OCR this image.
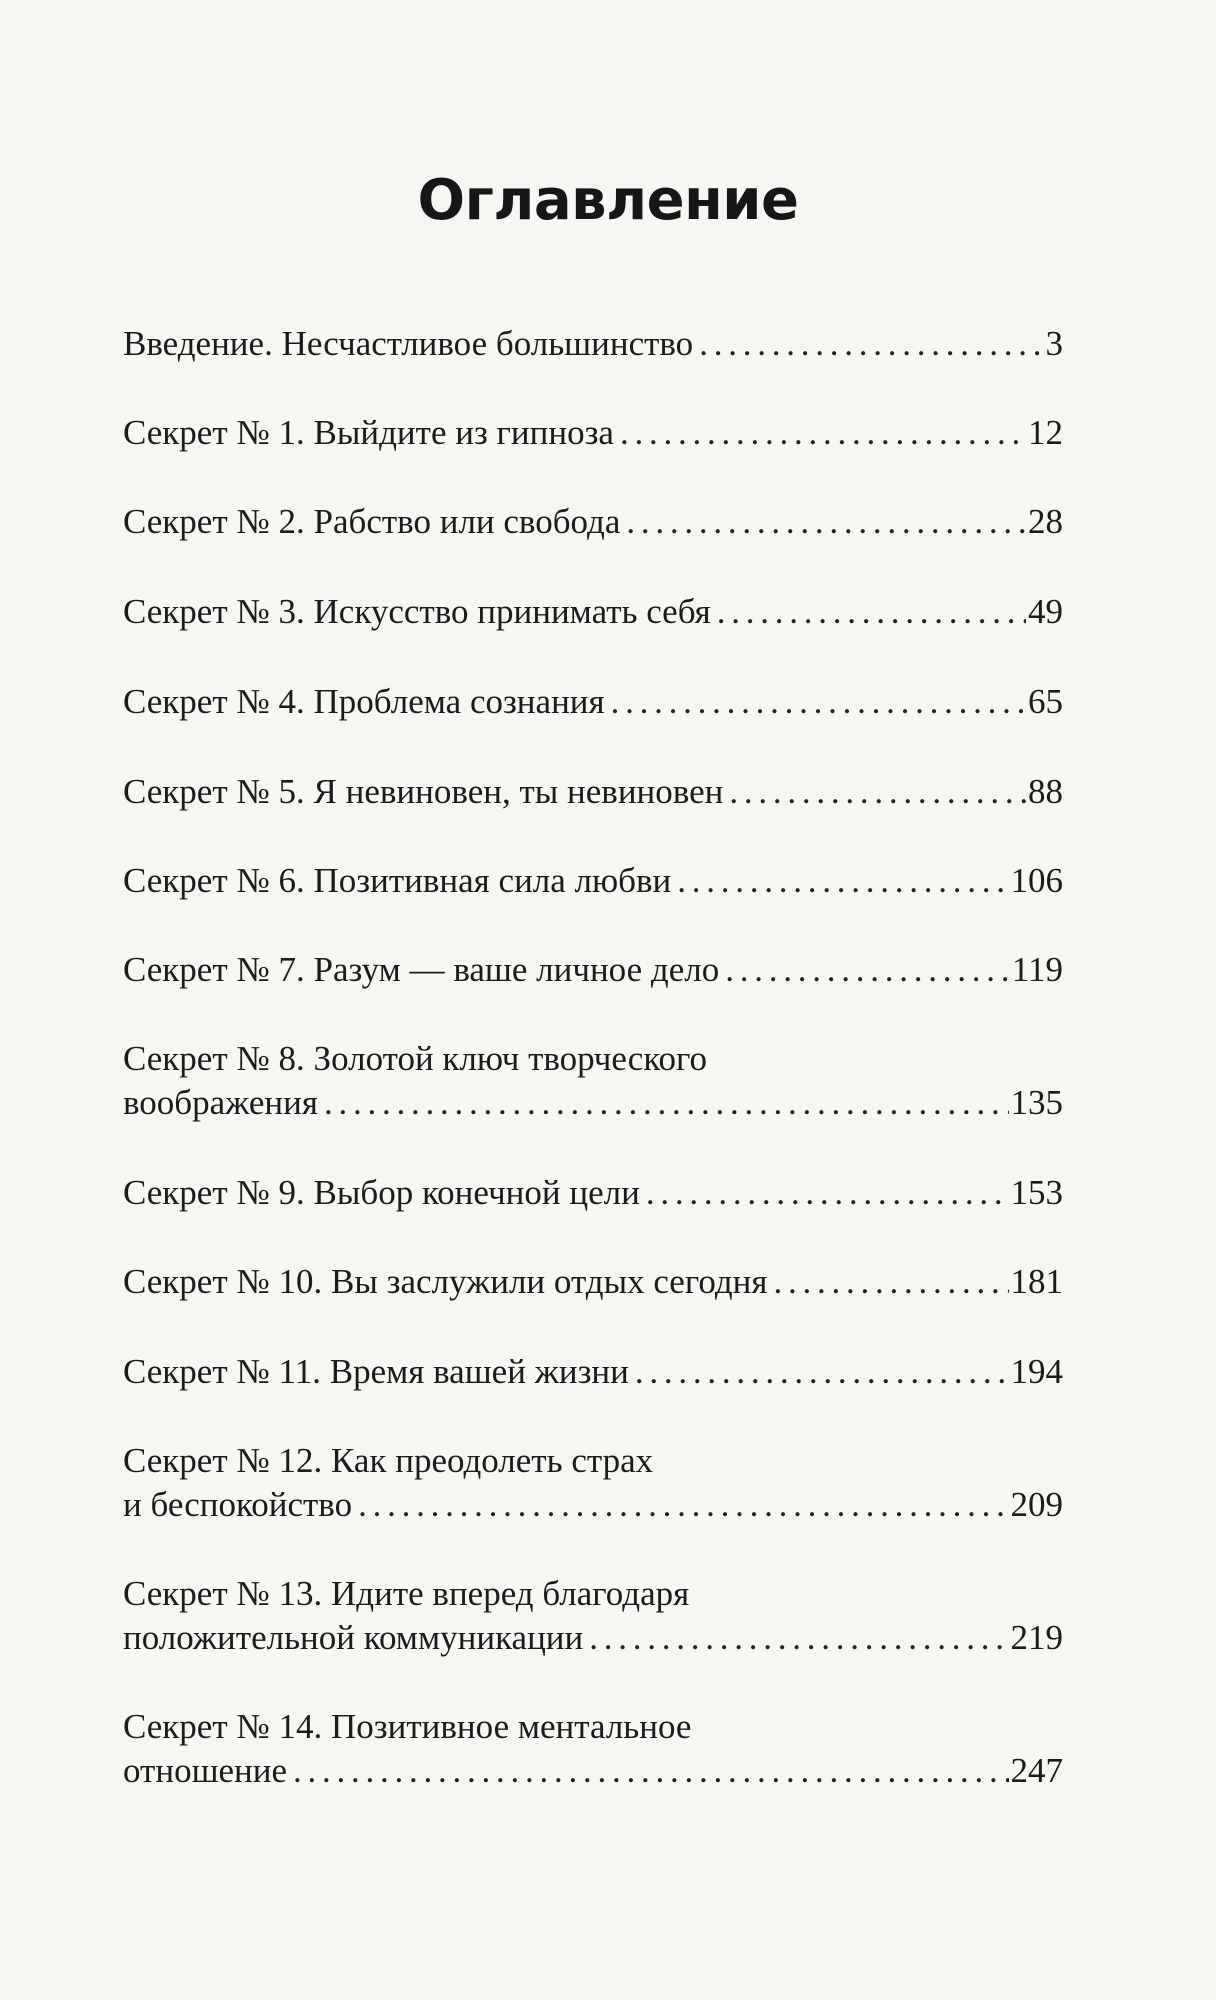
Оглавление
Введение. Несчастливое большинство . . .	3
Секрет № 1. Выйдите из гипноза . . .	12
Секрет № 2. Рабство или свобода . . .	28
Секрет № 3. Искусство принимать себя . . .	49
Секрет № 4. Проблема сознания . . .	65
Секрет № 5. Я невиновен, ты невиновен . . .	88
Секрет № 6. Позитивная сила любви . . .	106
Секрет № 7. Разум — ваше личное дело . . .	119
Секрет № 8. Золотой ключ творческого
воображения . . .	135
Секрет № 9. Выбор конечной цели . . .	153
Секрет № 10. Вы заслужили отдых сегодня . . .	181
Секрет № 11. Время вашей жизни . . .	194
Секрет № 12. Как преодолеть страх
и беспокойство . . .	209
Секрет № 13. Идите вперед благодаря
положительной коммуникации . . .	219
Секрет № 14. Позитивное ментальное
отношение . . .	247
